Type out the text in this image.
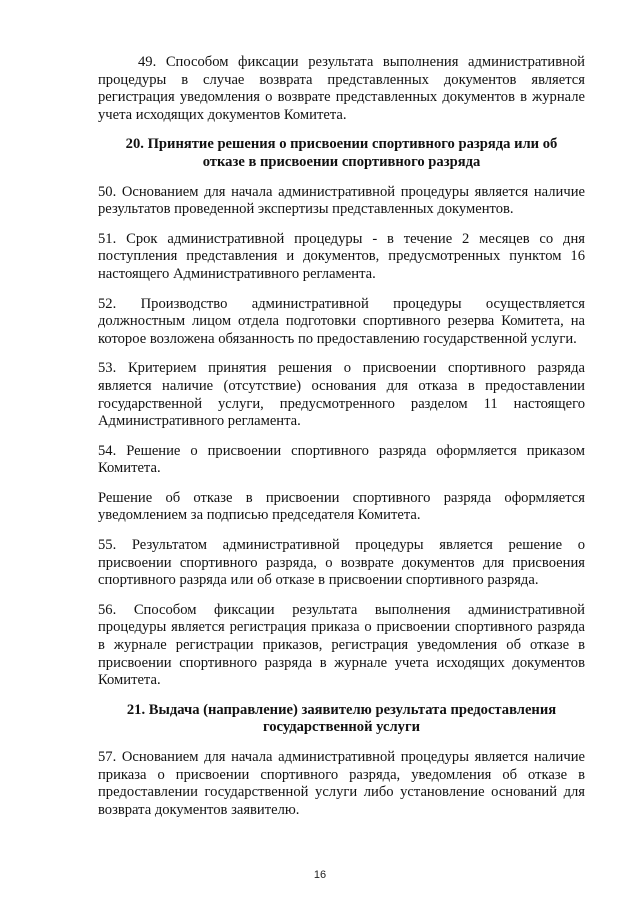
49. Способом фиксации результата выполнения административной процедуры в случае возврата представленных документов является регистрация уведомления о возврате представленных документов в журнале учета исходящих документов Комитета.

20. Принятие решения о присвоении спортивного разряда или об отказе в присвоении спортивного разряда

50. Основанием для начала административной процедуры является наличие результатов проведенной экспертизы представленных документов.

51. Срок административной процедуры - в течение 2 месяцев со дня поступления представления и документов, предусмотренных пунктом 16 настоящего Административного регламента.

52. Производство административной процедуры осуществляется должностным лицом отдела подготовки спортивного резерва Комитета, на которое возложена обязанность по предоставлению государственной услуги.

53. Критерием принятия решения о присвоении спортивного разряда является наличие (отсутствие) основания для отказа в предоставлении государственной услуги, предусмотренного разделом 11 настоящего Административного регламента.

54. Решение о присвоении спортивного разряда оформляется приказом Комитета.

Решение об отказе в присвоении спортивного разряда оформляется уведомлением за подписью председателя Комитета.

55. Результатом административной процедуры является решение о присвоении спортивного разряда, о возврате документов для присвоения спортивного разряда или об отказе в присвоении спортивного разряда.

56. Способом фиксации результата выполнения административной процедуры является регистрация приказа о присвоении спортивного разряда в журнале регистрации приказов, регистрация уведомления об отказе в присвоении спортивного разряда в журнале учета исходящих документов Комитета.

21. Выдача (направление) заявителю результата предоставления государственной услуги

57. Основанием для начала административной процедуры является наличие приказа о присвоении спортивного разряда, уведомления об отказе в предоставлении государственной услуги либо установление оснований для возврата документов заявителю.

16
